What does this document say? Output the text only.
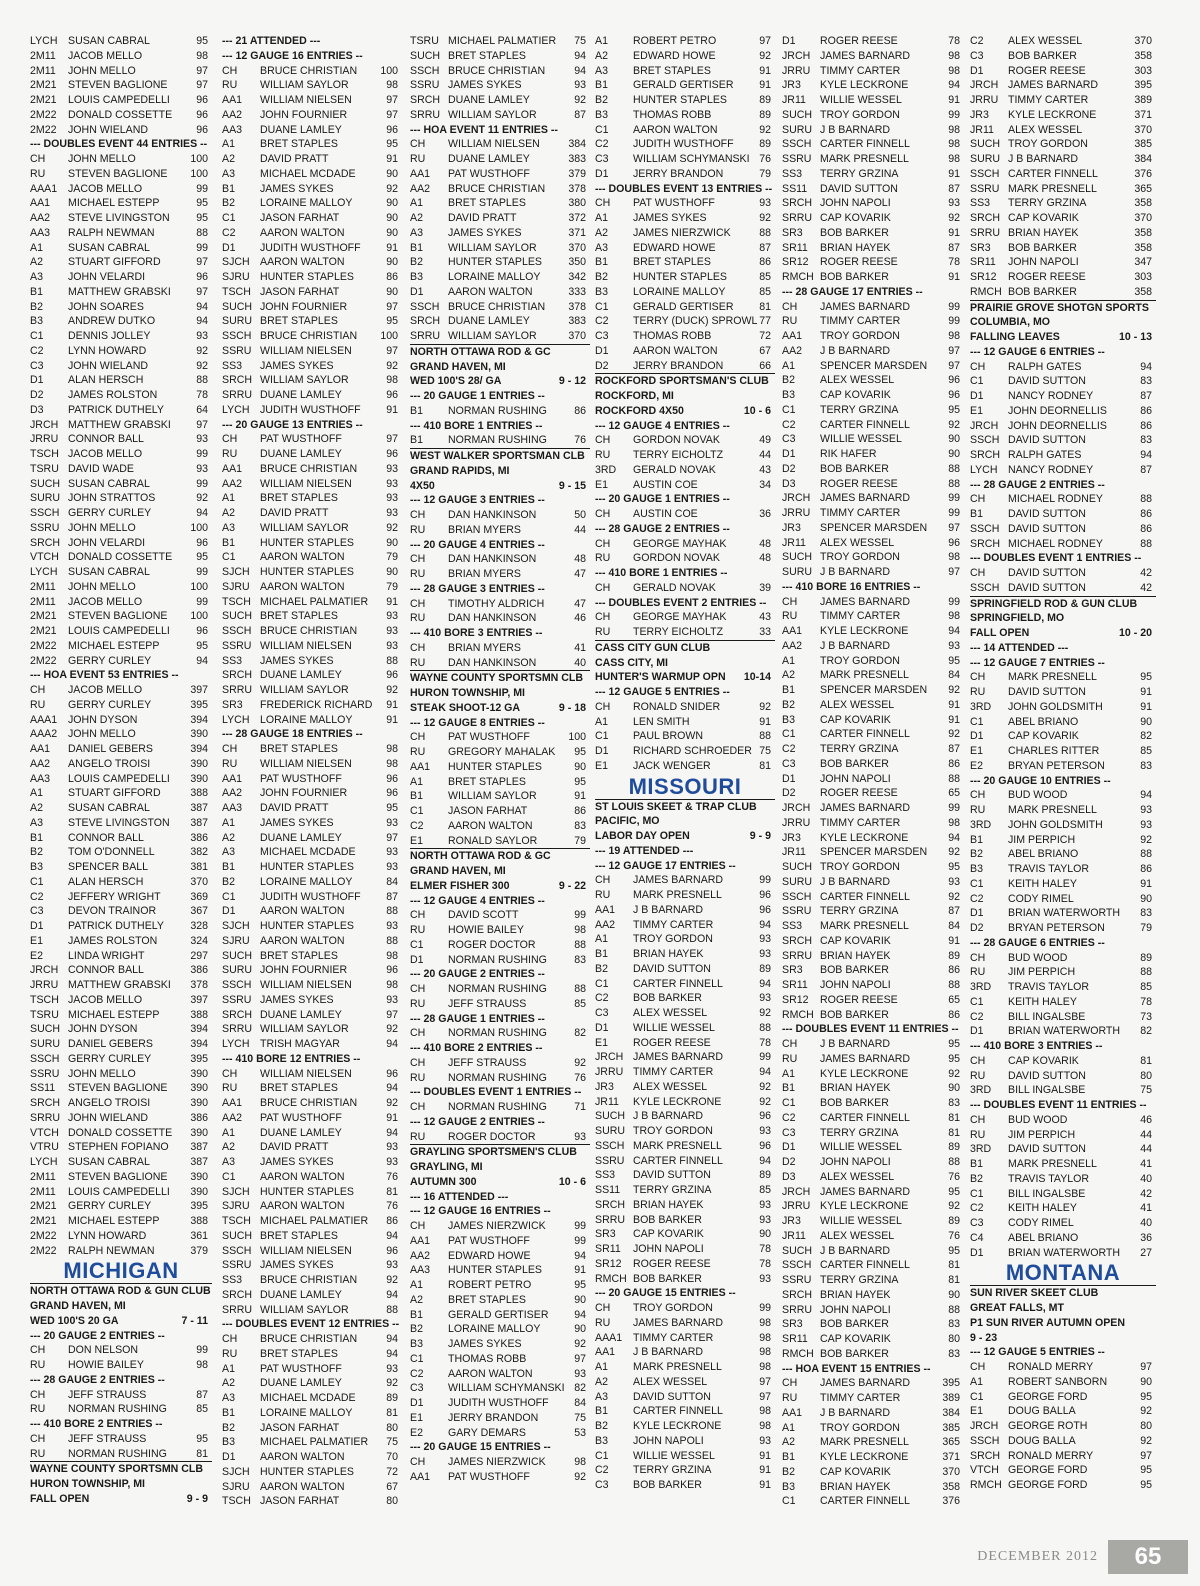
LYCH SUSAN CABRAL	95
2M11 JACOB MELLO	98
2M11 JOHN MELLO	97
2M21 STEVEN BAGLIONE	97
2M21 LOUIS CAMPEDELLI 96
2M22 DONALD COSSETTE 96
2M22 JOHN WIELAND	96
--- DOUBLES EVENT 44 ENTRIES --
CH JOHN MELLO	100
RU STEVEN BAGLIONE 100
AAA1 JACOB MELLO	99
AA1 MICHAEL ESTEPP	95
AA2 STEVE LIVINGSTON	95
AA3 RALPH NEWMAN	88
A1 SUSAN CABRAL	99
A2 STUART GIFFORD	97
A3 JOHN VELARDI	96
B1 MATTHEW GRABSKI 97
B2 JOHN SOARES	94
B3 ANDREW DUTKO	94
C1 DENNIS JOLLEY	93
C2 LYNN HOWARD	92
C3 JOHN WIELAND	92
D1 ALAN HERSCH	88
D2 JAMES ROLSTON	78
D3 PATRICK DUTHELY	64
JRCH MATTHEW GRABSKI 97
JRRU CONNOR BALL	93
TSCH JACOB MELLO	99
TSRU DAVID WADE	93
SUCH SUSAN CABRAL	99
SURU JOHN STRATTOS	92
SSCH GERRY CURLEY	94
SSRU JOHN MELLO	100
SRCH JOHN VELARDI	96
VTCH DONALD COSSETTE 95
LYCH SUSAN CABRAL	99
2M11 JOHN MELLO	100
2M11 JACOB MELLO	99
2M21 STEVEN BAGLIONE 100
2M21 LOUIS CAMPEDELLI 96
2M22 MICHAEL ESTEPP	95
2M22 GERRY CURLEY	94
--- HOA EVENT 53 ENTRIES --
CH JACOB MELLO	397
RU GERRY CURLEY	395
AAA1 JOHN DYSON	394
AAA2 JOHN MELLO	390
AA1 DANIEL GEBERS	394
AA2 ANGELO TROISI	390
AA3 LOUIS CAMPEDELLI 390
A1 STUART GIFFORD	388
A2 SUSAN CABRAL	387
A3 STEVE LIVINGSTON 387
B1 CONNOR BALL	386
B2 TOM O'DONNELL	382
B3 SPENCER BALL	381
C1 ALAN HERSCH	370
C2 JEFFERY WRIGHT	369
C3 DEVON TRAINOR	367
D1 PATRICK DUTHELY 328
E1 JAMES ROLSTON	324
E2 LINDA WRIGHT	297
JRCH CONNOR BALL	386
JRRU MATTHEW GRABSKI 378
TSCH JACOB MELLO	397
TSRU MICHAEL ESTEPP	388
SUCH JOHN DYSON	394
SURU DANIEL GEBERS	394
SSCH GERRY CURLEY	395
SSRU JOHN MELLO	390
SS11 STEVEN BAGLIONE 390
SRCH ANGELO TROISI	390
SRRU JOHN WIELAND	386
VTCH DONALD COSSETTE 390
VTRU STEPHEN FOPIANO 387
LYCH SUSAN CABRAL	387
2M11 STEVEN BAGLIONE 390
2M11 LOUIS CAMPEDELLI 390
2M21 GERRY CURLEY	395
2M21 MICHAEL ESTEPP	388
2M22 LYNN HOWARD	361
2M22 RALPH NEWMAN	379
MICHIGAN
NORTH OTTAWA ROD & GUN CLUB
GRAND HAVEN, MI
WED 100'S 20 GA	7 - 11
--- 20 GAUGE 2 ENTRIES --
CH DON NELSON	99
RU HOWIE BAILEY	98
--- 28 GAUGE 2 ENTRIES --
CH JEFF STRAUSS	87
RU NORMAN RUSHING	85
--- 410 BORE 2 ENTRIES --
CH JEFF STRAUSS	95
RU NORMAN RUSHING	81
WAYNE COUNTY SPORTSMN CLB
HURON TOWNSHIP, MI
FALL OPEN	9 - 9
--- 21 ATTENDED ---
--- 12 GAUGE 16 ENTRIES --
CH BRUCE CHRISTIAN 100
RU WILLIAM SAYLOR	98
AA1 WILLIAM NIELSEN	97
AA2 JOHN FOURNIER	97
AA3 DUANE LAMLEY	96
A1 BRET STAPLES	95
A2 DAVID PRATT	91
A3 MICHAEL MCDADE	90
B1 JAMES SYKES	92
B2 LORAINE MALLOY	90
C1 JASON FARHAT	90
C2 AARON WALTON	90
D1 JUDITH WUSTHOFF 91
SJCH AARON WALTON	90
SJRU HUNTER STAPLES	86
TSCH JASON FARHAT	90
SUCH JOHN FOURNIER	97
SURU BRET STAPLES	95
SSCH BRUCE CHRISTIAN 100
SSRU WILLIAM NIELSEN	97
SS3 JAMES SYKES	92
SRCH WILLIAM SAYLOR	98
SRRU DUANE LAMLEY	96
LYCH JUDITH WUSTHOFF 91
--- 20 GAUGE 13 ENTRIES --
CH PAT WUSTHOFF	97
RU DUANE LAMLEY	96
AA1 BRUCE CHRISTIAN	93
AA2 WILLIAM NIELSEN	93
A1 BRET STAPLES	93
A2 DAVID PRATT	93
A3 WILLIAM SAYLOR	92
B1 HUNTER STAPLES	90
C1 AARON WALTON	79
SJCH HUNTER STAPLES	90
SJRU AARON WALTON	79
TSCH MICHAEL PALMATIER 91
SUCH BRET STAPLES	93
SSCH BRUCE CHRISTIAN	93
SSRU WILLIAM NIELSEN	93
SS3 JAMES SYKES	88
SRCH DUANE LAMLEY	96
SRRU WILLIAM SAYLOR	92
SR3 FREDERICK RICHARD 91
LYCH LORAINE MALLOY	91
--- 28 GAUGE 18 ENTRIES --
CH BRET STAPLES	98
RU WILLIAM NIELSEN	98
AA1 PAT WUSTHOFF	96
AA2 JOHN FOURNIER	96
AA3 DAVID PRATT	95
A1 JAMES SYKES	93
A2 DUANE LAMLEY	97
A3 MICHAEL MCDADE	93
B1 HUNTER STAPLES	93
B2 LORAINE MALLOY	84
C1 JUDITH WUSTHOFF 87
D1 AARON WALTON	88
SJCH HUNTER STAPLES	93
SJRU AARON WALTON	88
SUCH BRET STAPLES	98
SURU JOHN FOURNIER	96
SSCH WILLIAM NIELSEN	98
SSRU JAMES SYKES	93
SRCH DUANE LAMLEY	97
SRRU WILLIAM SAYLOR	92
LYCH TRISH MAGYAR	94
--- 410 BORE 12 ENTRIES --
CH WILLIAM NIELSEN	96
RU BRET STAPLES	94
AA1 BRUCE CHRISTIAN	92
AA2 PAT WUSTHOFF	91
A1 DUANE LAMLEY	94
A2 DAVID PRATT	93
A3 JAMES SYKES	93
C1 AARON WALTON	76
SJCH HUNTER STAPLES	81
SJRU AARON WALTON	76
TSCH MICHAEL PALMATIER 86
SUCH BRET STAPLES	94
SSCH WILLIAM NIELSEN	96
SSRU JAMES SYKES	93
SS3 BRUCE CHRISTIAN	92
SRCH DUANE LAMLEY	94
SRRU WILLIAM SAYLOR	88
--- DOUBLES EVENT 12 ENTRIES --
CH BRUCE CHRISTIAN	94
RU BRET STAPLES	94
A1 PAT WUSTHOFF	93
A2 DUANE LAMLEY	92
A3 MICHAEL MCDADE	89
B1 LORAINE MALLOY	81
B2 JASON FARHAT	80
B3 MICHAEL PALMATIER 75
D1 AARON WALTON	70
SJCH HUNTER STAPLES	72
SJRU AARON WALTON	67
TSCH JASON FARHAT	80
TSRU MICHAEL PALMATIER 75
SUCH BRET STAPLES	94
SSCH BRUCE CHRISTIAN	94
SSRU JAMES SYKES	93
SRCH DUANE LAMLEY	92
SRRU WILLIAM SAYLOR	87
--- HOA EVENT 11 ENTRIES --
CH WILLIAM NIELSEN	384
RU DUANE LAMLEY	383
AA1 PAT WUSTHOFF	379
AA2 BRUCE CHRISTIAN 378
A1 BRET STAPLES	380
A2 DAVID PRATT	372
A3 JAMES SYKES	371
B1 WILLIAM SAYLOR	370
B2 HUNTER STAPLES 350
B3 LORAINE MALLOY	342
D1 AARON WALTON	333
SSCH BRUCE CHRISTIAN 378
SRCH DUANE LAMLEY	383
SRRU WILLIAM SAYLOR	370
NORTH OTTAWA ROD & GC
GRAND HAVEN, MI
WED 100'S 28/ GA	9 - 12
--- 20 GAUGE 1 ENTRIES --
B1 NORMAN RUSHING	86
--- 410 BORE 1 ENTRIES --
B1 NORMAN RUSHING	76
WEST WALKER SPORTSMAN CLB
GRAND RAPIDS, MI
4X50	9 - 15
--- 12 GAUGE 3 ENTRIES --
CH DAN HANKINSON	50
RU BRIAN MYERS	44
--- 20 GAUGE 4 ENTRIES --
CH DAN HANKINSON	48
RU BRIAN MYERS	47
--- 28 GAUGE 3 ENTRIES --
CH TIMOTHY ALDRICH	47
RU DAN HANKINSON	46
--- 410 BORE 3 ENTRIES --
CH BRIAN MYERS	41
RU DAN HANKINSON	40
WAYNE COUNTY SPORTSMN CLB
HURON TOWNSHIP, MI
STEAK SHOOT-12 GA	9 - 18
--- 12 GAUGE 8 ENTRIES --
CH PAT WUSTHOFF	100
RU GREGORY MAHALAK 95
AA1 HUNTER STAPLES	90
A1 BRET STAPLES	95
B1 WILLIAM SAYLOR	91
C1 JASON FARHAT	86
C2 AARON WALTON	83
E1 RONALD SAYLOR	79
NORTH OTTAWA ROD & GC
GRAND HAVEN, MI
ELMER FISHER 300	9 - 22
--- 12 GAUGE 4 ENTRIES --
CH DAVID SCOTT	99
RU HOWIE BAILEY	98
C1 ROGER DOCTOR	88
D1 NORMAN RUSHING	83
--- 20 GAUGE 2 ENTRIES --
CH NORMAN RUSHING	88
RU JEFF STRAUSS	85
--- 28 GAUGE 1 ENTRIES --
CH NORMAN RUSHING	82
--- 410 BORE 2 ENTRIES --
CH JEFF STRAUSS	92
RU NORMAN RUSHING	76
--- DOUBLES EVENT 1 ENTRIES --
CH NORMAN RUSHING	71
--- 12 GAUGE 2 ENTRIES --
RU ROGER DOCTOR	93
GRAYLING SPORTSMEN'S CLUB
GRAYLING, MI
AUTUMN 300	10 - 6
--- 16 ATTENDED ---
--- 12 GAUGE 16 ENTRIES --
CH JAMES NIERZWICK	99
AA1 PAT WUSTHOFF	99
AA2 EDWARD HOWE	94
AA3 HUNTER STAPLES	91
A1 ROBERT PETRO	95
A2 BRET STAPLES	90
B1 GERALD GERTISER 94
B2 LORAINE MALLOY	90
B3 JAMES SYKES	92
C1 THOMAS ROBB	97
C2 AARON WALTON	93
C3 WILLIAM SCHYMANSKI 82
D1 JUDITH WUSTHOFF 84
E1 JERRY BRANDON	75
E2 GARY DEMARS	53
--- 20 GAUGE 15 ENTRIES --
CH JAMES NIERZWICK	98
AA1 PAT WUSTHOFF	92
A1 ROBERT PETRO	97
A2 EDWARD HOWE	92
A3 BRET STAPLES	91
B1 GERALD GERTISER 91
B2 HUNTER STAPLES	89
B3 THOMAS ROBB	89
C1 AARON WALTON	92
C2 JUDITH WUSTHOFF 89
C3 WILLIAM SCHYMANSKI 76
D1 JERRY BRANDON	79
--- DOUBLES EVENT 13 ENTRIES --
CH PAT WUSTHOFF	93
A1 JAMES SYKES	92
A2 JAMES NIERZWICK	88
A3 EDWARD HOWE	87
B1 BRET STAPLES	86
B2 HUNTER STAPLES	85
B3 LORAINE MALLOY	85
C1 GERALD GERTISER 81
C2 TERRY (DUCK) SPROWL 77
C3 THOMAS ROBB	72
D1 AARON WALTON	67
D2 JERRY BRANDON	66
ROCKFORD SPORTSMAN'S CLUB
ROCKFORD, MI
ROCKFORD 4X50	10 - 6
--- 12 GAUGE 4 ENTRIES --
CH GORDON NOVAK	49
RU TERRY EICHOLTZ	44
3RD GERALD NOVAK	43
E1 AUSTIN COE	34
--- 20 GAUGE 1 ENTRIES --
CH AUSTIN COE	36
--- 28 GAUGE 2 ENTRIES --
CH GEORGE MAYHAK	48
RU GORDON NOVAK	48
--- 410 BORE 1 ENTRIES --
CH GERALD NOVAK	39
--- DOUBLES EVENT 2 ENTRIES --
CH GEORGE MAYHAK	43
RU TERRY EICHOLTZ	33
CASS CITY GUN CLUB
CASS CITY, MI
HUNTER'S WARMUP OPN 10-14
--- 12 GAUGE 5 ENTRIES --
CH RONALD SNIDER	92
A1 LEN SMITH	91
C1 PAUL BROWN	88
D1 RICHARD SCHROEDER 75
E1 JACK WENGER	81
MISSOURI
ST LOUIS SKEET & TRAP CLUB
PACIFIC, MO
LABOR DAY OPEN	9 - 9
--- 19 ATTENDED ---
--- 12 GAUGE 17 ENTRIES --
CH JAMES BARNARD	99
RU MARK PRESNELL	96
AA1 J B BARNARD	96
AA2 TIMMY CARTER	94
A1 TROY GORDON	93
B1 BRIAN HAYEK	93
B2 DAVID SUTTON	89
C1 CARTER FINNELL	94
C2 BOB BARKER	93
C3 ALEX WESSEL	92
D1 WILLIE WESSEL	88
E1 ROGER REESE	78
JRCH JAMES BARNARD	99
JRRU TIMMY CARTER	94
JR3 ALEX WESSEL	92
JR11 KYLE LECKRONE	92
SUCH J B BARNARD	96
SURU TROY GORDON	93
SSCH MARK PRESNELL	96
SSRU CARTER FINNELL	94
SS3 DAVID SUTTON	89
SS11 TERRY GRZINA	85
SRCH BRIAN HAYEK	93
SRRU BOB BARKER	93
SR3 CAP KOVARIK	90
SR11 JOHN NAPOLI	78
SR12 ROGER REESE	78
RMCH BOB BARKER	93
--- 20 GAUGE 15 ENTRIES --
CH TROY GORDON	99
RU JAMES BARNARD	98
AAA1 TIMMY CARTER	98
AA1 J B BARNARD	98
A1 MARK PRESNELL	98
A2 ALEX WESSEL	97
A3 DAVID SUTTON	97
B1 CARTER FINNELL	98
B2 KYLE LECKRONE	98
B3 JOHN NAPOLI	93
C1 WILLIE WESSEL	91
C2 TERRY GRZINA	91
C3 BOB BARKER	91
D1 ROGER REESE	78
JRCH JAMES BARNARD	98
JRRU TIMMY CARTER	98
JR3 KYLE LECKRONE	94
JR11 WILLIE WESSEL	91
SUCH TROY GORDON	99
SURU J B BARNARD	98
SSCH CARTER FINNELL	98
SSRU MARK PRESNELL	98
SS3 TERRY GRZINA	91
SS11 DAVID SUTTON	87
SRCH JOHN NAPOLI	93
SRRU CAP KOVARIK	92
SR3 BOB BARKER	91
SR11 BRIAN HAYEK	87
SR12 ROGER REESE	78
RMCH BOB BARKER	91
--- 28 GAUGE 17 ENTRIES --
CH JAMES BARNARD	99
RU TIMMY CARTER	99
AA1 TROY GORDON	98
AA2 J B BARNARD	97
A1 SPENCER MARSDEN 97
B2 ALEX WESSEL	96
B3 CAP KOVARIK	96
C1 TERRY GRZINA	95
C2 CARTER FINNELL	92
C3 WILLIE WESSEL	90
D1 RIK HAFER	90
D2 BOB BARKER	88
D3 ROGER REESE	88
JRCH JAMES BARNARD	99
JRRU TIMMY CARTER	99
JR3 SPENCER MARSDEN 97
JR11 ALEX WESSEL	96
SUCH TROY GORDON	98
SURU J B BARNARD	97
--- 410 BORE 16 ENTRIES --
CH JAMES BARNARD	99
RU TIMMY CARTER	98
AA1 KYLE LECKRONE	94
AA2 J B BARNARD	93
A1 TROY GORDON	95
A2 MARK PRESNELL	84
B1 SPENCER MARSDEN 92
B2 ALEX WESSEL	91
B3 CAP KOVARIK	91
C1 CARTER FINNELL	92
C2 TERRY GRZINA	87
C3 BOB BARKER	86
D1 JOHN NAPOLI	88
D2 ROGER REESE	65
JRCH JAMES BARNARD	99
JRRU TIMMY CARTER	98
JR3 KYLE LECKRONE	94
JR11 SPENCER MARSDEN 92
SUCH TROY GORDON	95
SURU J B BARNARD	93
SSCH CARTER FINNELL	92
SSRU TERRY GRZINA	87
SS3 MARK PRESNELL	84
SRCH CAP KOVARIK	91
SRRU BRIAN HAYEK	89
SR3 BOB BARKER	86
SR11 JOHN NAPOLI	88
SR12 ROGER REESE	65
RMCH BOB BARKER	86
--- DOUBLES EVENT 11 ENTRIES --
CH J B BARNARD	95
RU JAMES BARNARD	95
A1 KYLE LECKRONE	92
B1 BRIAN HAYEK	90
C1 BOB BARKER	83
C2 CARTER FINNELL	81
C3 TERRY GRZINA	81
D1 WILLIE WESSEL	89
D2 JOHN NAPOLI	88
D3 ALEX WESSEL	76
JRCH JAMES BARNARD	95
JRRU KYLE LECKRONE	92
JR3 WILLIE WESSEL	89
JR11 ALEX WESSEL	76
SUCH J B BARNARD	95
SSCH CARTER FINNELL	81
SSRU TERRY GRZINA	81
SRCH BRIAN HAYEK	90
SRRU JOHN NAPOLI	88
SR3 BOB BARKER	83
SR11 CAP KOVARIK	80
RMCH BOB BARKER	83
--- HOA EVENT 15 ENTRIES --
CH JAMES BARNARD	395
RU TIMMY CARTER	389
AA1 J B BARNARD	384
A1 TROY GORDON	385
A2 MARK PRESNELL	365
B1 KYLE LECKRONE	371
B2 CAP KOVARIK	370
B3 BRIAN HAYEK	358
C1 CARTER FINNELL	376
C2 ALEX WESSEL	370
C3 BOB BARKER	358
D1 ROGER REESE	303
JRCH JAMES BARNARD	395
JRRU TIMMY CARTER	389
JR3 KYLE LECKRONE	371
JR11 ALEX WESSEL	370
SUCH TROY GORDON	385
SURU J B BARNARD	384
SSCH CARTER FINNELL	376
SSRU MARK PRESNELL	365
SS3 TERRY GRZINA	358
SRCH CAP KOVARIK	370
SRRU BRIAN HAYEK	358
SR3 BOB BARKER	358
SR11 JOHN NAPOLI	347
SR12 ROGER REESE	303
RMCH BOB BARKER	358
PRAIRIE GROVE SHOTGN SPORTS
COLUMBIA, MO
FALLING LEAVES	10 - 13
--- 12 GAUGE 6 ENTRIES --
CH RALPH GATES	94
C1 DAVID SUTTON	83
D1 NANCY RODNEY	87
E1 JOHN DEORNELLIS	86
JRCH JOHN DEORNELLIS	86
SSCH DAVID SUTTON	83
SRCH RALPH GATES	94
LYCH NANCY RODNEY	87
--- 28 GAUGE 2 ENTRIES --
CH MICHAEL RODNEY	88
B1 DAVID SUTTON	86
SSCH DAVID SUTTON	86
SRCH MICHAEL RODNEY	88
--- DOUBLES EVENT 1 ENTRIES --
CH DAVID SUTTON	42
SSCH DAVID SUTTON	42
SPRINGFIELD ROD & GUN CLUB
SPRINGFIELD, MO
FALL OPEN	10 - 20
--- 14 ATTENDED ---
--- 12 GAUGE 7 ENTRIES --
CH MARK PRESNELL	95
RU DAVID SUTTON	91
3RD JOHN GOLDSMITH	91
C1 ABEL BRIANO	90
D1 CAP KOVARIK	82
E1 CHARLES RITTER	85
E2 BRYAN PETERSON	83
--- 20 GAUGE 10 ENTRIES --
CH BUD WOOD	94
RU MARK PRESNELL	93
3RD JOHN GOLDSMITH	93
B1 JIM PERPICH	92
B2 ABEL BRIANO	88
B3 TRAVIS TAYLOR	86
C1 KEITH HALEY	91
C2 CODY RIMEL	90
D1 BRIAN WATERWORTH 83
D2 BRYAN PETERSON	79
--- 28 GAUGE 6 ENTRIES --
CH BUD WOOD	89
RU JIM PERPICH	88
3RD TRAVIS TAYLOR	85
C1 KEITH HALEY	78
C2 BILL INGALSBE	73
D1 BRIAN WATERWORTH 82
--- 410 BORE 3 ENTRIES --
CH CAP KOVARIK	81
RU DAVID SUTTON	80
3RD BILL INGALSBE	75
--- DOUBLES EVENT 11 ENTRIES --
CH BUD WOOD	46
RU JIM PERPICH	44
3RD DAVID SUTTON	44
B1 MARK PRESNELL	41
B2 TRAVIS TAYLOR	40
C1 BILL INGALSBE	42
C2 KEITH HALEY	41
C3 CODY RIMEL	40
C4 ABEL BRIANO	36
D1 BRIAN WATERWORTH 27
MONTANA
SUN RIVER SKEET CLUB
GREAT FALLS, MT
P1 SUN RIVER AUTUMN OPEN
9 - 23
--- 12 GAUGE 5 ENTRIES --
CH RONALD MERRY	97
A1 ROBERT SANBORN	90
C1 GEORGE FORD	95
E1 DOUG BALLA	92
JRCH GEORGE ROTH	80
SSCH DOUG BALLA	92
SRCH RONALD MERRY	97
VTCH GEORGE FORD	95
RMCH GEORGE FORD	95
DECEMBER 2012	65
